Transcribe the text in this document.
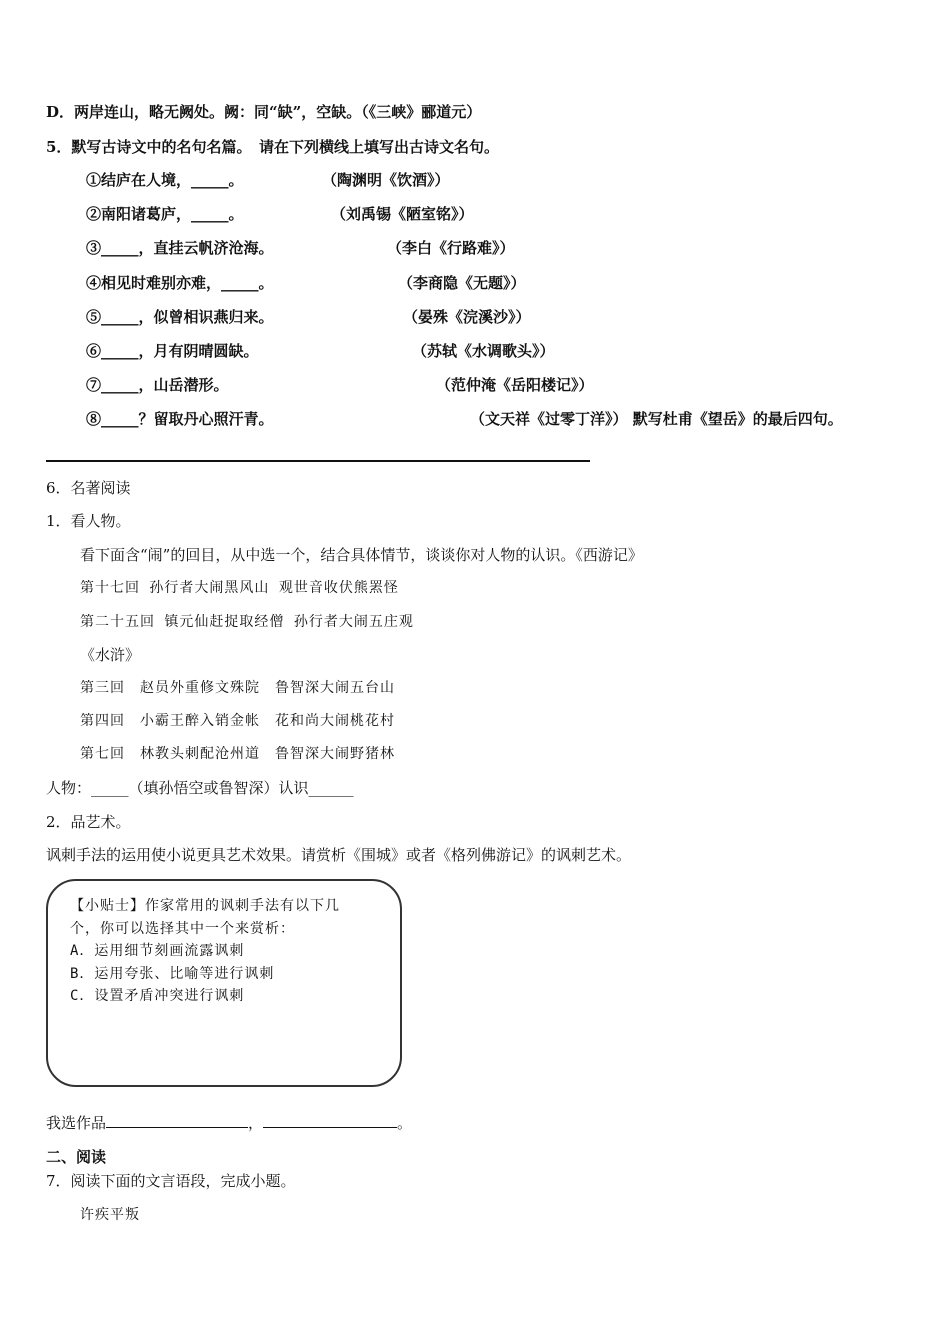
D．两岸连山，略无阙处。阙：同“缺”，空缺。（《三峡》郦道元）
5．默写古诗文中的名句名篇。　请在下列横线上填写出古诗文名句。
①结庐在人境，_____。	（陶渊明《饮酒》）
②南阳诸葛庐，_____。	（刘禹锡《陋室铭》）
③_____，直挂云帆济沧海。	（李白《行路难》）
④相见时难别亦难，_____。	（李商隐《无题》）
⑤_____，似曾相识燕归来。	（晏殊《浣溪沙》）
⑥_____，月有阴晴圆缺。	（苏轼《水调歌头》）
⑦_____，山岳潜形。	（范仲淹《岳阳楼记》）
⑧_____？留取丹心照汗青。	（文天祥《过零丁洋》） 默写杜甫《望岳》的最后四句。
6．名著阅读
1．看人物。
看下面含“闹”的回目，从中选一个，结合具体情节，谈谈你对人物的认识。《西游记》
第十七回 孙行者大闹黑风山 观世音收伏熊罴怪
第二十五回 镇元仙赶捉取经僧 孙行者大闹五庄观
《水浒》
第三回　赵员外重修文殊院　鲁智深大闹五台山
第四回　小霸王醉入销金帐　花和尚大闹桃花村
第七回　林教头刺配沧州道　鲁智深大闹野猪林
人物：_____（填孙悟空或鲁智深）认识______
2．品艺术。
讽刺手法的运用使小说更具艺术效果。请赏析《围城》或者《格列佛游记》的讽刺艺术。
【小贴士】作家常用的讽刺手法有以下几
个，你可以选择其中一个来赏析：
A．运用细节刻画流露讽刺
B．运用夸张、比喻等进行讽刺
C．设置矛盾冲突进行讽刺
我选作品	，	。
二、阅读
7．阅读下面的文言语段，完成小题。
许疾平叛
